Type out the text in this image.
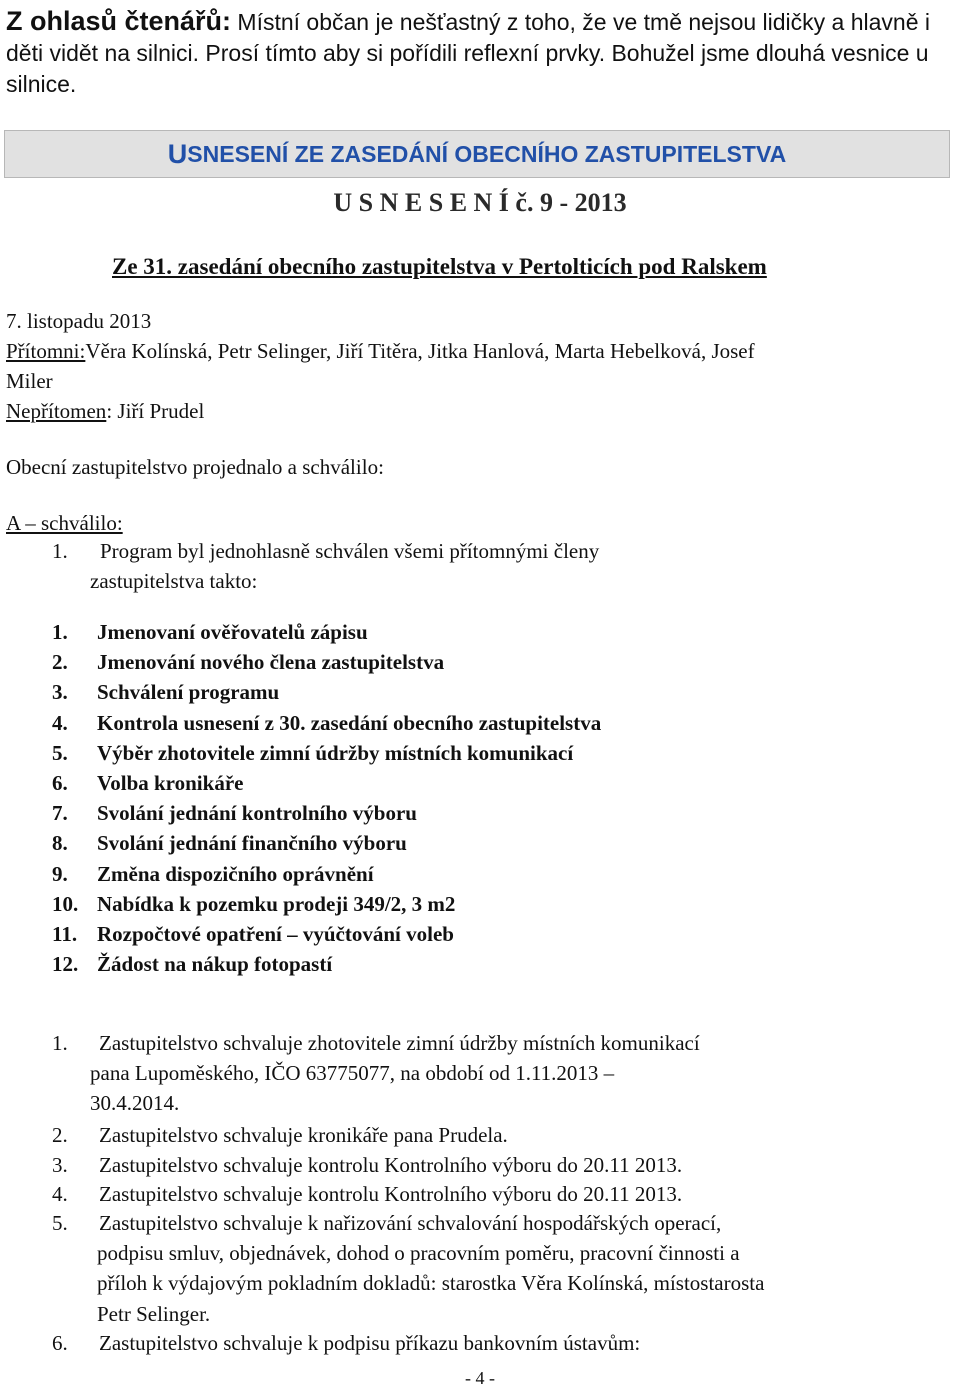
Z ohlasů čtenářů: Místní občan je nešťastný z toho, že ve tmě nejsou lidičky a hlavně i děti vidět na silnici. Prosí tímto aby si pořídili reflexní prvky. Bohužel jsme dlouhá vesnice u silnice.
U SNESENÍ ZE ZASEDÁNÍ OBECNÍHO ZASTUPITELSTVA
U S N E S E N Í č. 9 - 2013
Ze 31. zasedání obecního zastupitelstva v Pertolticích pod Ralskem
7. listopadu 2013
Přítomni:Věra Kolínská, Petr Selinger, Jiří Titěra, Jitka Hanlová, Marta Hebelková, Josef
Miler
Nepřítomen: Jiří Prudel
Obecní zastupitelstvo projednalo a schválilo:
A – schválilo:
1. Program byl jednohlasně schválen všemi přítomnými členy
zastupitelstva takto:
1. Jmenovaní ověřovatelů zápisu
2. Jmenování nového člena zastupitelstva
3. Schválení programu
4. Kontrola usnesení z 30. zasedání obecního zastupitelstva
5. Výběr zhotovitele zimní údržby místních komunikací
6. Volba kronikáře
7. Svolání jednání kontrolního výboru
8. Svolání jednání finančního výboru
9. Změna dispozičního oprávnění
10. Nabídka k pozemku prodeji 349/2, 3 m2
11. Rozpočtové opatření – vyúčtování voleb
12. Žádost na nákup fotopastí
1. Zastupitelstvo schvaluje zhotovitele zimní údržby místních komunikací
pana Lupoměského, IČO 63775077, na období od 1.11.2013 –
30.4.2014.
2. Zastupitelstvo schvaluje kronikáře pana Prudela.
3. Zastupitelstvo schvaluje kontrolu Kontrolního výboru do 20.11 2013.
4. Zastupitelstvo schvaluje kontrolu Kontrolního výboru do 20.11 2013.
5. Zastupitelstvo schvaluje k nařizování schvalování hospodářských operací,
podpisu smluv, objednávek, dohod o pracovním poměru, pracovní činnosti a
příloh k výdajovým pokladním dokladů: starostka Věra Kolínská, místostarosta
Petr Selinger.
6. Zastupitelstvo schvaluje k podpisu příkazu bankovním ústavům:
- 4 -
